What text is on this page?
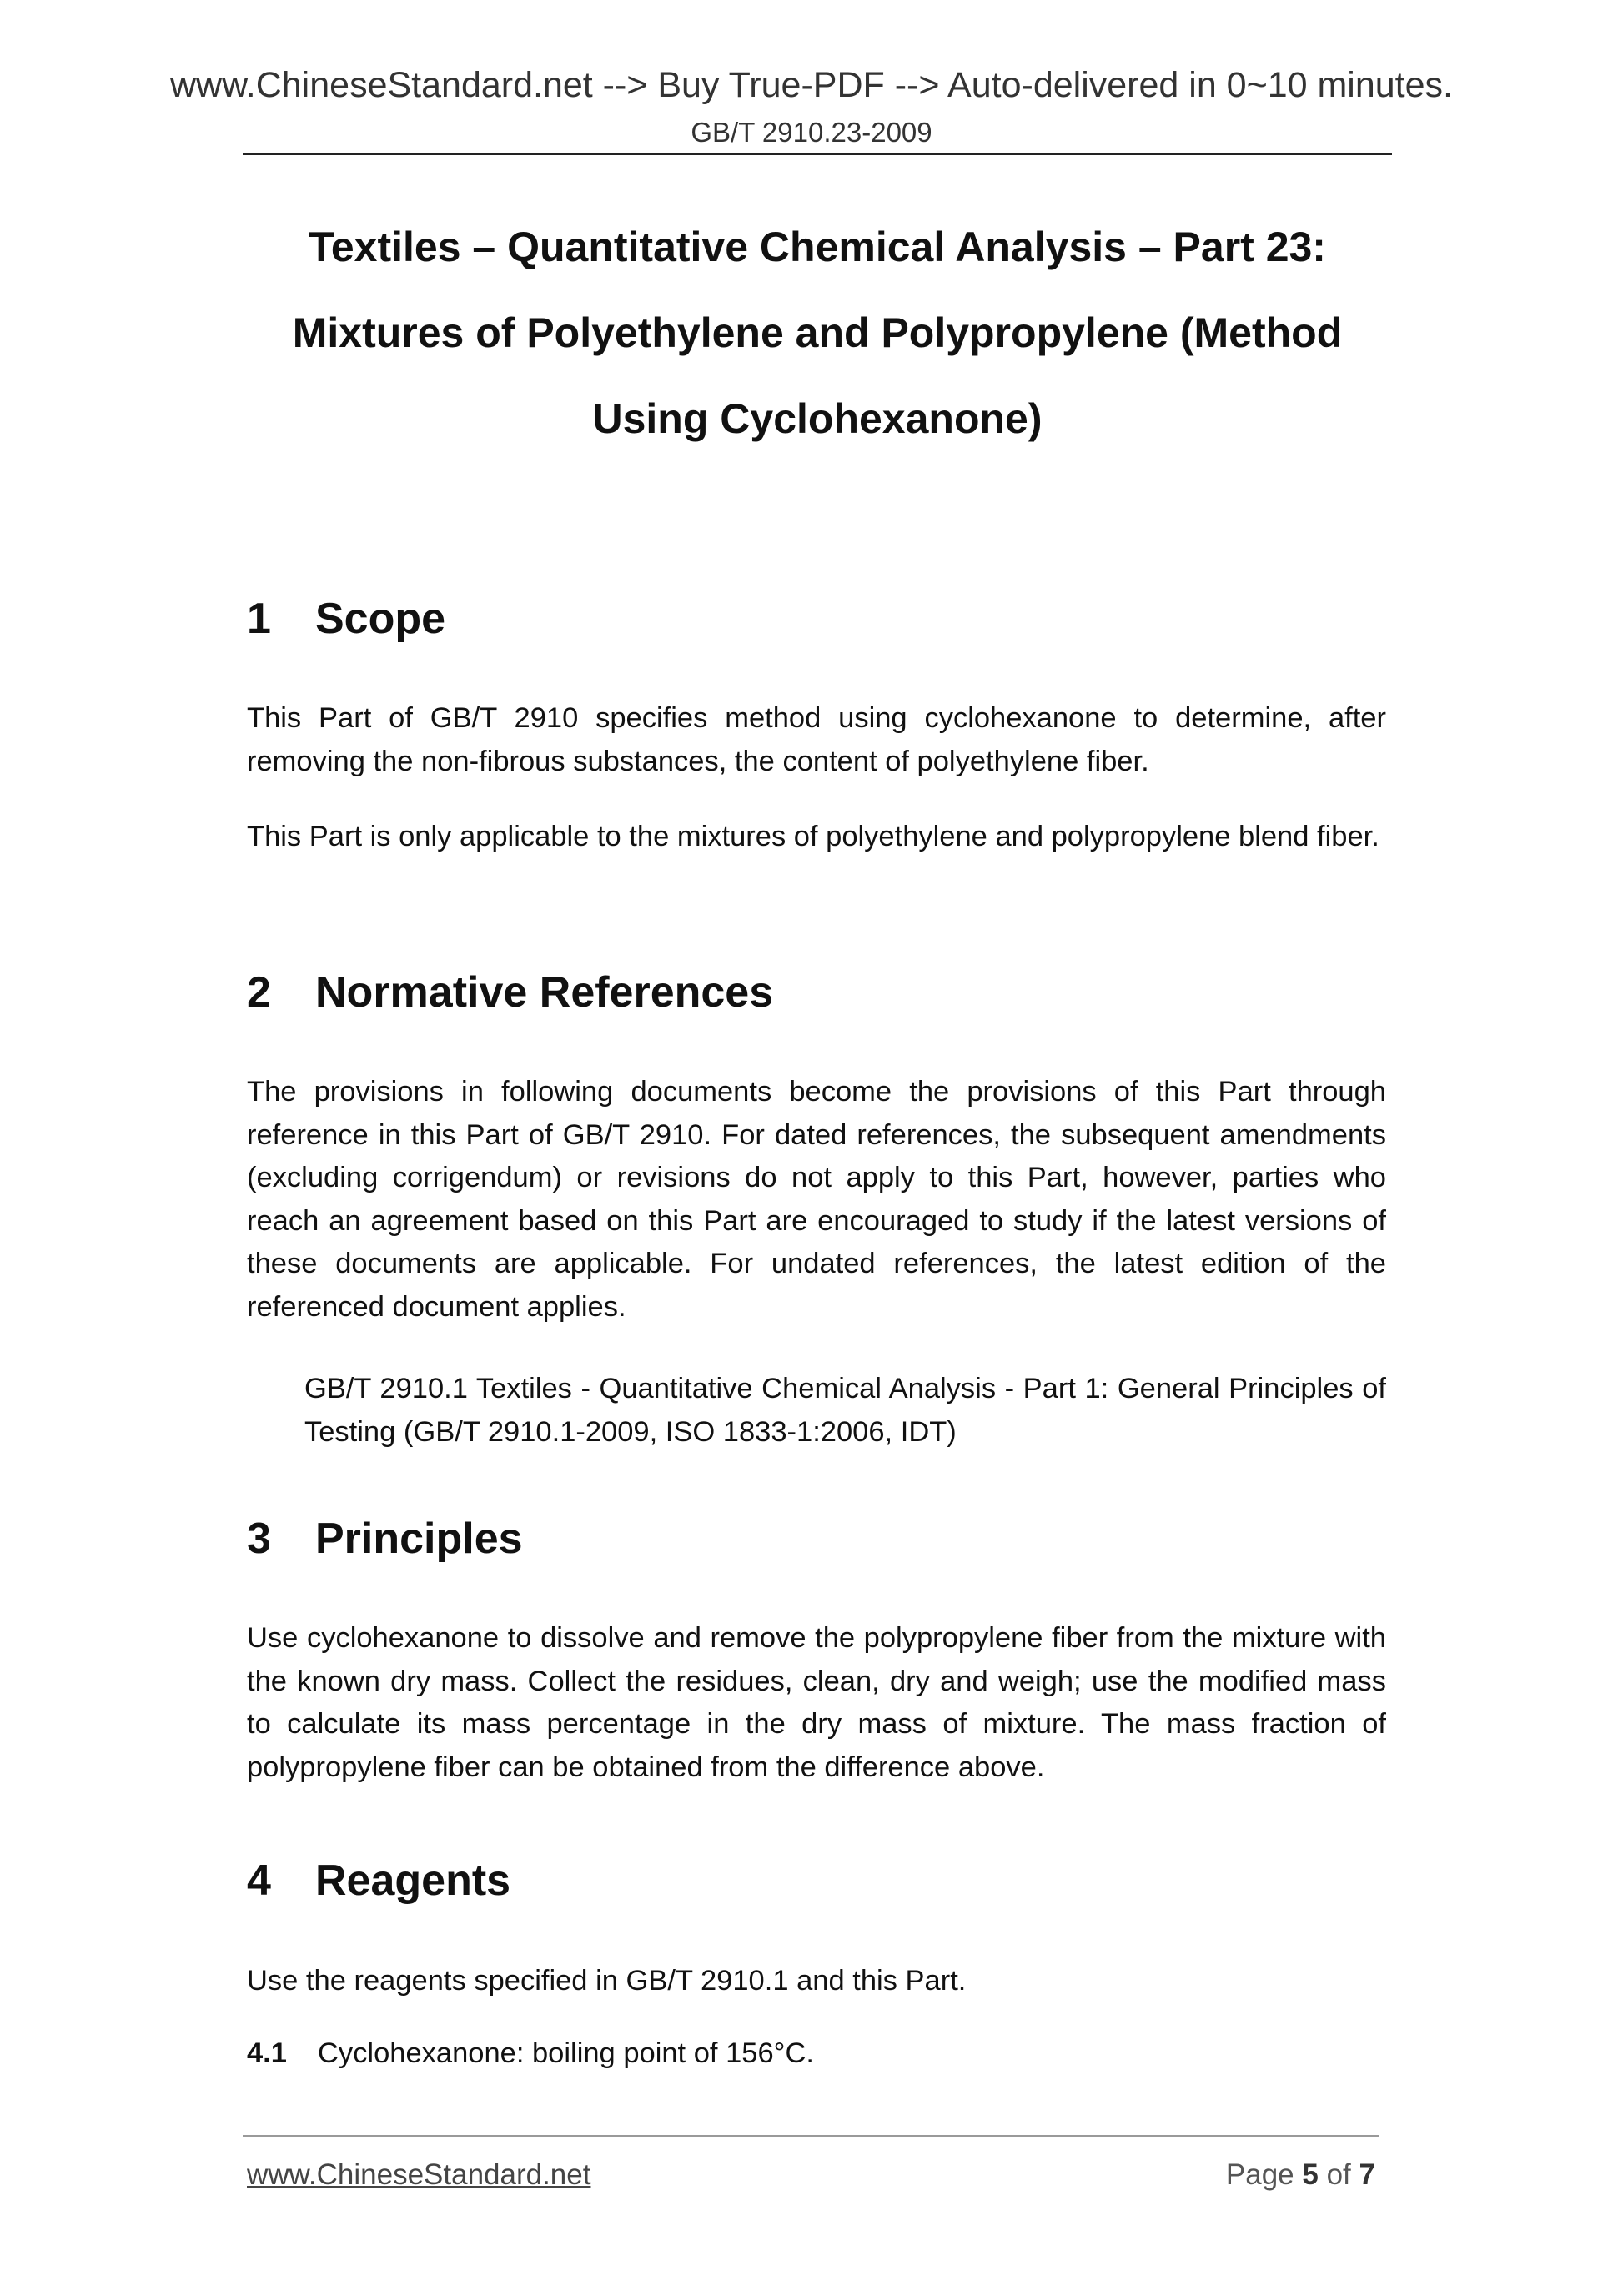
www.ChineseStandard.net --> Buy True-PDF --> Auto-delivered in 0~10 minutes.
GB/T 2910.23-2009
Textiles – Quantitative Chemical Analysis – Part 23:
Mixtures of Polyethylene and Polypropylene (Method
Using Cyclohexanone)
1 Scope
This Part of GB/T 2910 specifies method using cyclohexanone to determine, after removing the non-fibrous substances, the content of polyethylene fiber.
This Part is only applicable to the mixtures of polyethylene and polypropylene blend fiber.
2 Normative References
The provisions in following documents become the provisions of this Part through reference in this Part of GB/T 2910. For dated references, the subsequent amendments (excluding corrigendum) or revisions do not apply to this Part, however, parties who reach an agreement based on this Part are encouraged to study if the latest versions of these documents are applicable. For undated references, the latest edition of the referenced document applies.
GB/T 2910.1 Textiles - Quantitative Chemical Analysis - Part 1: General Principles of Testing (GB/T 2910.1-2009, ISO 1833-1:2006, IDT)
3 Principles
Use cyclohexanone to dissolve and remove the polypropylene fiber from the mixture with the known dry mass. Collect the residues, clean, dry and weigh; use the modified mass to calculate its mass percentage in the dry mass of mixture. The mass fraction of polypropylene fiber can be obtained from the difference above.
4 Reagents
Use the reagents specified in GB/T 2910.1 and this Part.
4.1 Cyclohexanone: boiling point of 156°C.
www.ChineseStandard.net	Page 5 of 7
